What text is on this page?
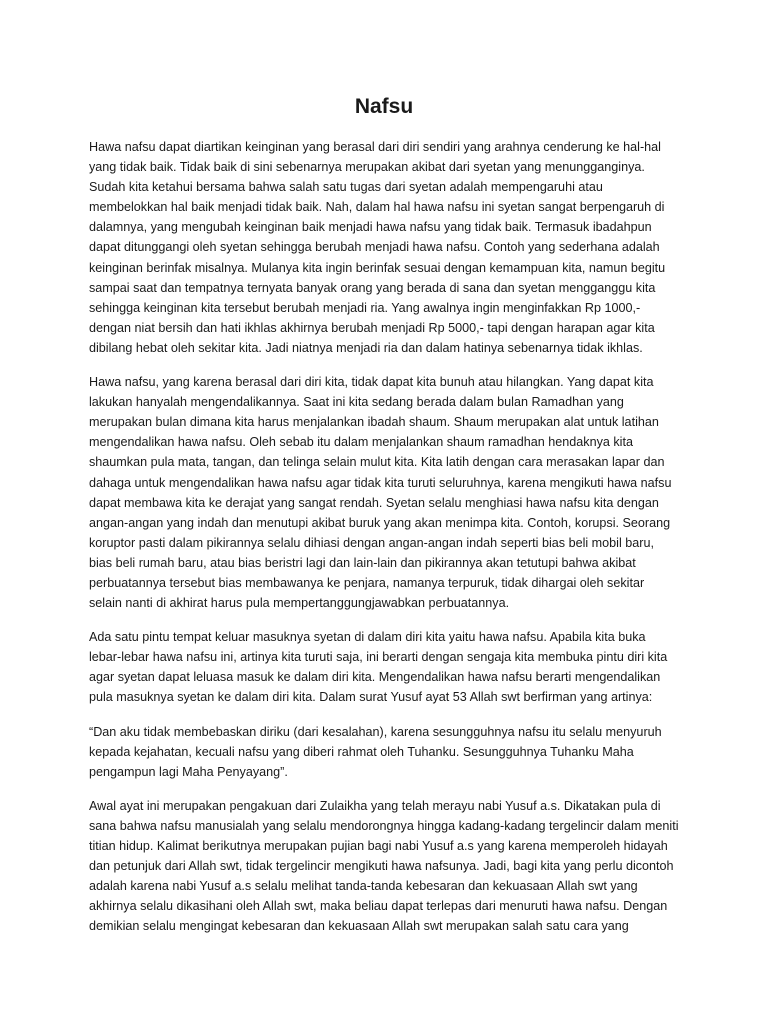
Nafsu

Hawa nafsu dapat diartikan keinginan yang berasal dari diri sendiri yang arahnya cenderung ke hal-hal yang tidak baik. Tidak baik di sini sebenarnya merupakan akibat dari syetan yang menungganginya. Sudah kita ketahui bersama bahwa salah satu tugas dari syetan adalah mempengaruhi atau membelokkan hal baik menjadi tidak baik. Nah, dalam hal hawa nafsu ini syetan sangat berpengaruh di dalamnya, yang mengubah keinginan baik menjadi hawa nafsu yang tidak baik. Termasuk ibadahpun dapat ditunggangi oleh syetan sehingga berubah menjadi hawa nafsu. Contoh yang sederhana adalah keinginan berinfak misalnya. Mulanya kita ingin berinfak sesuai dengan kemampuan kita, namun begitu sampai saat dan tempatnya ternyata banyak orang yang berada di sana dan syetan mengganggu kita sehingga keinginan kita tersebut berubah menjadi ria. Yang awalnya ingin menginfakkan Rp 1000,- dengan niat bersih dan hati ikhlas akhirnya berubah menjadi Rp 5000,- tapi dengan harapan agar kita dibilang hebat oleh sekitar kita. Jadi niatnya menjadi ria dan dalam hatinya sebenarnya tidak ikhlas.

Hawa nafsu, yang karena berasal dari diri kita, tidak dapat kita bunuh atau hilangkan. Yang dapat kita lakukan hanyalah mengendalikannya. Saat ini kita sedang berada dalam bulan Ramadhan yang merupakan bulan dimana kita harus menjalankan ibadah shaum. Shaum merupakan alat untuk latihan mengendalikan hawa nafsu. Oleh sebab itu dalam menjalankan shaum ramadhan hendaknya kita shaumkan pula mata, tangan, dan telinga selain mulut kita. Kita latih dengan cara merasakan lapar dan dahaga untuk mengendalikan hawa nafsu agar tidak kita turuti seluruhnya, karena mengikuti hawa nafsu dapat membawa kita ke derajat yang sangat rendah. Syetan selalu menghiasi hawa nafsu kita dengan angan-angan yang indah dan menutupi akibat buruk yang akan menimpa kita. Contoh, korupsi. Seorang koruptor pasti dalam pikirannya selalu dihiasi dengan angan-angan indah seperti bias beli mobil baru, bias beli rumah baru, atau bias beristri lagi dan lain-lain dan pikirannya akan tetutupi bahwa akibat perbuatannya tersebut bias membawanya ke penjara, namanya terpuruk, tidak dihargai oleh sekitar selain nanti di akhirat harus pula mempertanggungjawabkan perbuatannya.

Ada satu pintu tempat keluar masuknya syetan di dalam diri kita yaitu hawa nafsu. Apabila kita buka lebar-lebar hawa nafsu ini, artinya kita turuti saja, ini berarti dengan sengaja kita membuka pintu diri kita agar syetan dapat leluasa masuk ke dalam diri kita. Mengendalikan hawa nafsu berarti mengendalikan pula masuknya syetan ke dalam diri kita. Dalam surat Yusuf ayat 53 Allah swt berfirman yang artinya:

“Dan aku tidak membebaskan diriku (dari kesalahan), karena sesungguhnya nafsu itu selalu menyuruh kepada kejahatan, kecuali nafsu yang diberi rahmat oleh Tuhanku. Sesungguhnya Tuhanku Maha pengampun lagi Maha Penyayang”.

Awal ayat ini merupakan pengakuan dari Zulaikha yang telah merayu nabi Yusuf a.s. Dikatakan pula di sana bahwa nafsu manusialah yang selalu mendorongnya hingga kadang-kadang tergelincir dalam meniti titian hidup. Kalimat berikutnya merupakan pujian bagi nabi Yusuf a.s yang karena memperoleh hidayah dan petunjuk dari Allah swt, tidak tergelincir mengikuti hawa nafsunya. Jadi, bagi kita yang perlu dicontoh adalah karena nabi Yusuf a.s selalu melihat tanda-tanda kebesaran dan kekuasaan Allah swt yang akhirnya selalu dikasihani oleh Allah swt, maka beliau dapat terlepas dari menuruti hawa nafsu. Dengan demikian selalu mengingat kebesaran dan kekuasaan Allah swt merupakan salah satu cara yang
